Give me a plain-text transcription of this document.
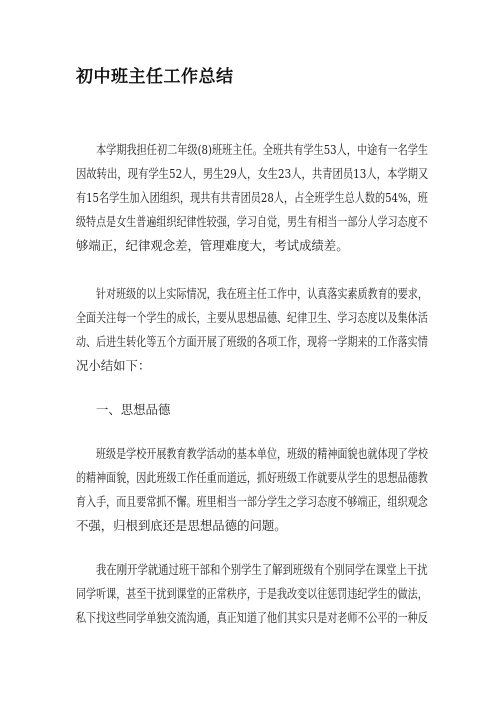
初中班主任工作总结
本学期我担任初二年级(8)班班主任。全班共有学生53人，中途有一名学生
因故转出，现有学生52人，男生29人，女生23人，共青团员13人，本学期又
有15名学生加入团组织，现共有共青团员28人，占全班学生总人数的54%，班
级特点是女生普遍组织纪律性较强，学习自觉，男生有相当一部分人学习态度不
够端正，纪律观念差，管理难度大，考试成绩差。
针对班级的以上实际情况，我在班主任工作中，认真落实素质教育的要求，
全面关注每一个学生的成长，主要从思想品德、纪律卫生、学习态度以及集体活
动、后进生转化等五个方面开展了班级的各项工作，现将一学期来的工作落实情
况小结如下：
一、思想品德
班级是学校开展教育教学活动的基本单位，班级的精神面貌也就体现了学校
的精神面貌，因此班级工作任重而道远，抓好班级工作就要从学生的思想品德教
育入手，而且要常抓不懈。班里相当一部分学生之学习态度不够端正，组织观念
不强，归根到底还是思想品德的问题。
我在刚开学就通过班干部和个别学生了解到班级有个别同学在课堂上干扰
同学听课，甚至干扰到课堂的正常秩序，于是我改变以往惩罚违纪学生的做法，
私下找这些同学单独交流沟通，真正知道了他们其实只是对老师不公平的一种反
